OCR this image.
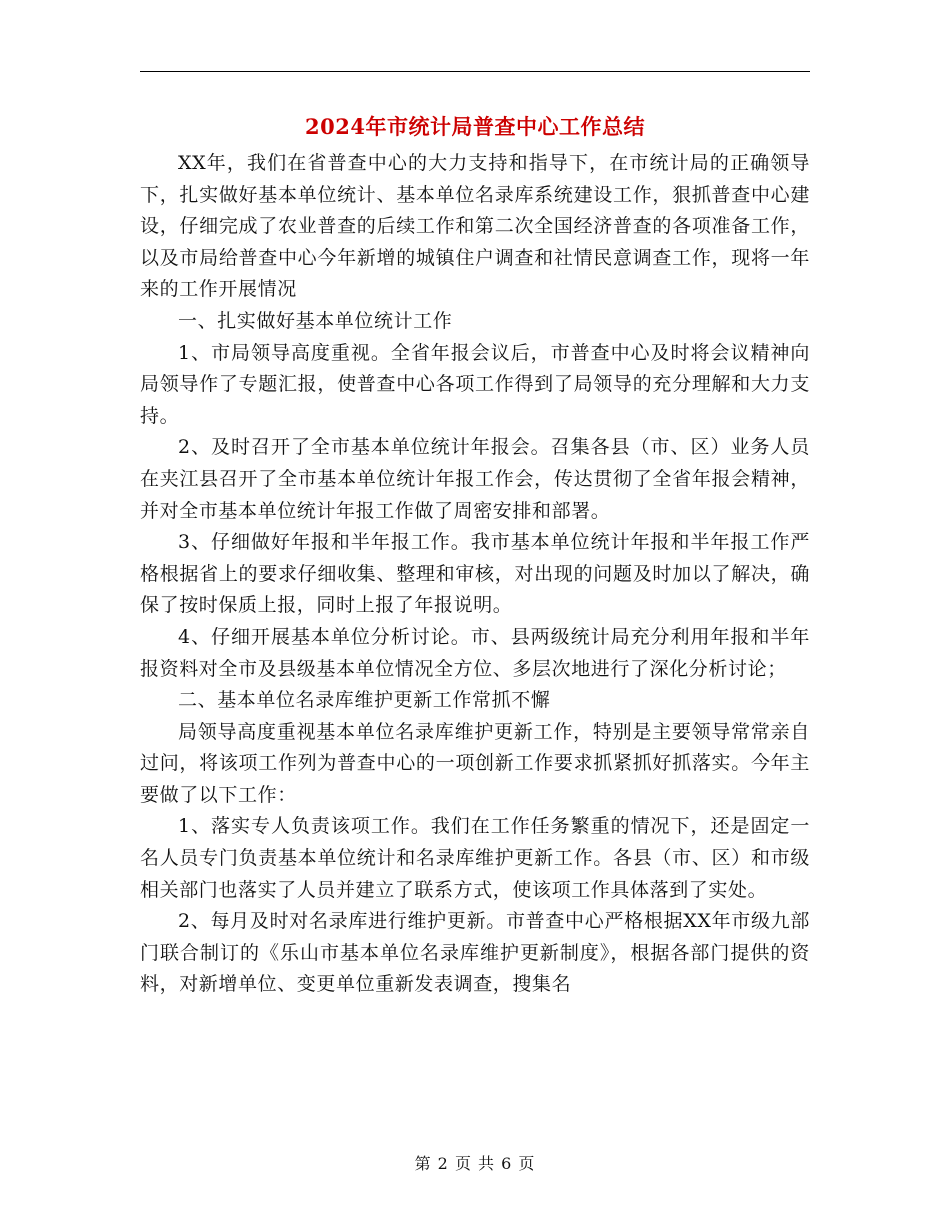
2024年市统计局普查中心工作总结

XX年，我们在省普查中心的大力支持和指导下，在市统计局的正确领导下，扎实做好基本单位统计、基本单位名录库系统建设工作，狠抓普查中心建设，仔细完成了农业普查的后续工作和第二次全国经济普查的各项准备工作，以及市局给普查中心今年新增的城镇住户调查和社情民意调查工作，现将一年来的工作开展情况

一、扎实做好基本单位统计工作

1、市局领导高度重视。全省年报会议后，市普查中心及时将会议精神向局领导作了专题汇报，使普查中心各项工作得到了局领导的充分理解和大力支持。

2、及时召开了全市基本单位统计年报会。召集各县（市、区）业务人员在夹江县召开了全市基本单位统计年报工作会，传达贯彻了全省年报会精神，并对全市基本单位统计年报工作做了周密安排和部署。

3、仔细做好年报和半年报工作。我市基本单位统计年报和半年报工作严格根据省上的要求仔细收集、整理和审核，对出现的问题及时加以了解决，确保了按时保质上报，同时上报了年报说明。

4、仔细开展基本单位分析讨论。市、县两级统计局充分利用年报和半年报资料对全市及县级基本单位情况全方位、多层次地进行了深化分析讨论；

二、基本单位名录库维护更新工作常抓不懈

局领导高度重视基本单位名录库维护更新工作，特别是主要领导常常亲自过问，将该项工作列为普查中心的一项创新工作要求抓紧抓好抓落实。今年主要做了以下工作：

1、落实专人负责该项工作。我们在工作任务繁重的情况下，还是固定一名人员专门负责基本单位统计和名录库维护更新工作。各县（市、区）和市级相关部门也落实了人员并建立了联系方式，使该项工作具体落到了实处。

2、每月及时对名录库进行维护更新。市普查中心严格根据XX年市级九部门联合制订的《乐山市基本单位名录库维护更新制度》，根据各部门提供的资料，对新增单位、变更单位重新发表调查，搜集名

第 2 页 共 6 页
